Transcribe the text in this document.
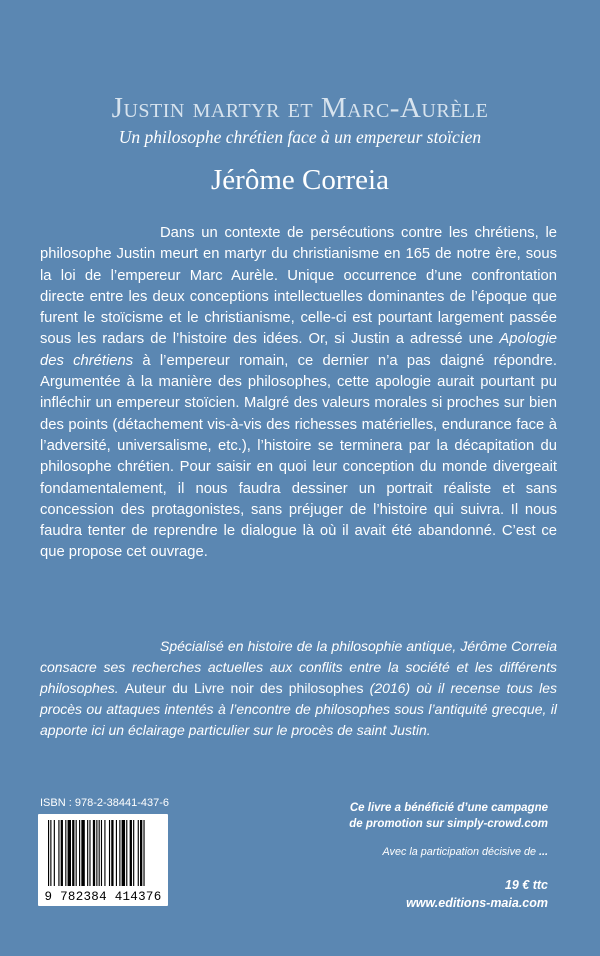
Justin martyr et Marc-Aurèle

Un philosophe chrétien face à un empereur stoïcien

Jérôme Correia

Dans un contexte de persécutions contre les chrétiens, le philosophe Justin meurt en martyr du christianisme en 165 de notre ère, sous la loi de l’empereur Marc Aurèle. Unique occurrence d’une confrontation directe entre les deux conceptions intellectuelles dominantes de l’époque que furent le stoïcisme et le christianisme, celle-ci est pourtant largement passée sous les radars de l’histoire des idées. Or, si Justin a adressé une Apologie des chrétiens à l’empereur romain, ce dernier n’a pas daigné répondre. Argumentée à la manière des philosophes, cette apologie aurait pourtant pu infléchir un empereur stoïcien. Malgré des valeurs morales si proches sur bien des points (détachement vis-à-vis des richesses matérielles, endurance face à l’adversité, universalisme, etc.), l’histoire se terminera par la décapitation du philosophe chrétien. Pour saisir en quoi leur conception du monde divergeait fondamentalement, il nous faudra dessiner un portrait réaliste et sans concession des protagonistes, sans préjuger de l’histoire qui suivra. Il nous faudra tenter de reprendre le dialogue là où il avait été abandonné. C’est ce que propose cet ouvrage.

Spécialisé en histoire de la philosophie antique, Jérôme Correia consacre ses recherches actuelles aux conflits entre la société et les différents philosophes. Auteur du Livre noir des philosophes (2016) où il recense tous les procès ou attaques intentés à l’encontre de philosophes sous l’antiquité grecque, il apporte ici un éclairage particulier sur le procès de saint Justin.

ISBN : 978-2-38441-437-6

9 782384 414376

Ce livre a bénéficié d’une campagne

de promotion sur simply-crowd.com

Avec la participation décisive de ...

19 € ttc

www.editions-maia.com
